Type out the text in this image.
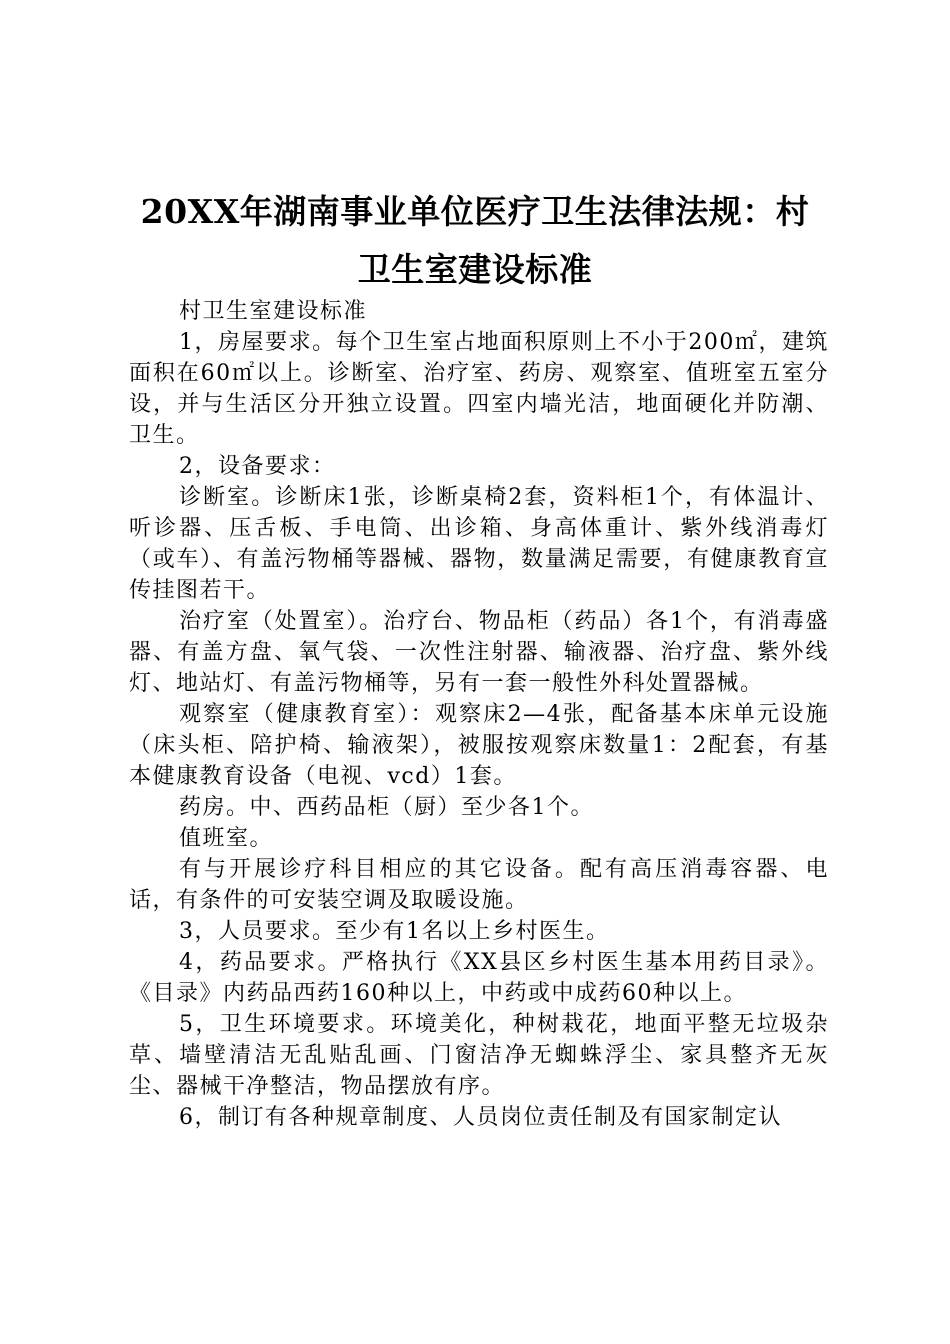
20XX年湖南事业单位医疗卫生法律法规：村卫生室建设标准

村卫生室建设标准

1，房屋要求。每个卫生室占地面积原则上不小于200㎡，建筑面积在60㎡以上。诊断室、治疗室、药房、观察室、值班室五室分设，并与生活区分开独立设置。四室内墙光洁，地面硬化并防潮、卫生。

2，设备要求：

诊断室。诊断床1张，诊断桌椅2套，资料柜1个，有体温计、听诊器、压舌板、手电筒、出诊箱、身高体重计、紫外线消毒灯（或车）、有盖污物桶等器械、器物，数量满足需要，有健康教育宣传挂图若干。

治疗室（处置室）。治疗台、物品柜（药品）各1个，有消毒盛器、有盖方盘、氧气袋、一次性注射器、输液器、治疗盘、紫外线灯、地站灯、有盖污物桶等，另有一套一般性外科处置器械。

观察室（健康教育室）：观察床2—4张，配备基本床单元设施（床头柜、陪护椅、输液架），被服按观察床数量1：2配套，有基本健康教育设备（电视、vcd）1套。

药房。中、西药品柜（厨）至少各1个。

值班室。

有与开展诊疗科目相应的其它设备。配有高压消毒容器、电话，有条件的可安装空调及取暖设施。

3，人员要求。至少有1名以上乡村医生。

4，药品要求。严格执行《XX县区乡村医生基本用药目录》。《目录》内药品西药160种以上，中药或中成药60种以上。

5，卫生环境要求。环境美化，种树栽花，地面平整无垃圾杂草、墙壁清洁无乱贴乱画、门窗洁净无蜘蛛浮尘、家具整齐无灰尘、器械干净整洁，物品摆放有序。

6，制订有各种规章制度、人员岗位责任制及有国家制定认
